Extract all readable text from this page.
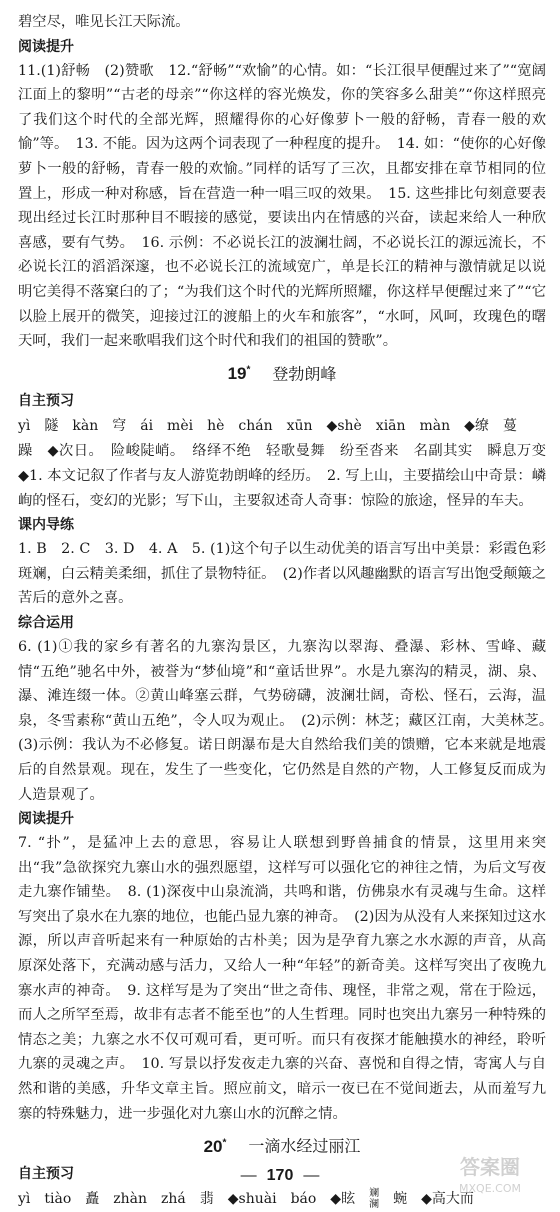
碧空尽，唯见长江天际流。

阅读提升

11.(1)舒畅　(2)赞歌　12.“舒畅”“欢愉”的心情。如：“长江很早便醒过来了”“宽阔江面上的黎明”“古老的母亲”“你这样的容光焕发，你的笑容多么甜美”“你这样照亮了我们这个时代的全部光辉，照耀得你的心好像萝卜一般的舒畅，青春一般的欢愉”等。　13. 不能。因为这两个词表现了一种程度的提升。　14. 如：“使你的心好像萝卜一般的舒畅，青春一般的欢愉。”同样的话写了三次，且都安排在章节相同的位置上，形成一种对称感，旨在营造一种一唱三叹的效果。　15. 这些排比句刻意要表现出经过长江时那种目不暇接的感觉，要读出内在情感的兴奋，读起来给人一种欣喜感，要有气势。　16. 示例：不必说长江的波澜壮阔，不必说长江的源远流长，不必说长江的滔滔深邃，也不必说长江的流域宽广，单是长江的精神与激情就足以说明它美得不落窠臼的了；“为我们这个时代的光辉所照耀，你这样早便醒过来了”“它以脸上展开的微笑，迎接过江的渡船上的火车和旅客”，“水呵，风呵，玫瑰色的曙天呵，我们一起来歌唱我们这个时代和我们的祖国的赞歌”。

19* 登勃朗峰

自主预习

yì　隧　kàn　穹　ái　mèi　hè　chán　xūn　◆shè　xiān　màn　◆缭　蔓

躁　◆次日。　险峻陡峭。　络绎不绝　轻歌曼舞　纷至沓来　名副其实　瞬息万变　◆1. 本文记叙了作者与友人游览勃朗峰的经历。　2. 写上山，主要描绘山中奇景：嶙峋的怪石，变幻的光影；写下山，主要叙述奇人奇事：惊险的旅途，怪异的车夫。

课内导练

1. B　2. C　3. D　4. A　5. (1)这个句子以生动优美的语言写出中美景：彩霞色彩斑斓，白云精美柔细，抓住了景物特征。　(2)作者以风趣幽默的语言写出饱受颠簸之苦后的意外之喜。

综合运用

6. (1)①我的家乡有著名的九寨沟景区，九寨沟以翠海、叠瀑、彩林、雪峰、藏情“五绝”驰名中外，被誉为“梦仙境”和“童话世界”。水是九寨沟的精灵，湖、泉、瀑、滩连缀一体。②黄山峰塞云群，气势磅礴，波澜壮阔，奇松、怪石，云海，温泉，冬雪素称“黄山五绝”，令人叹为观止。　(2)示例：林芝；藏区江南，大美林芝。　(3)示例：我认为不必修复。诺日朗瀑布是大自然给我们美的馈赠，它本来就是地震后的自然景观。现在，发生了一些变化，它仍然是自然的产物，人工修复反而成为人造景观了。

阅读提升

7. “扑”，是猛冲上去的意思，容易让人联想到野兽捕食的情景，这里用来突出“我”急欲探究九寨山水的强烈愿望，这样写可以强化它的神往之情，为后文写夜走九寨作铺垫。　8. (1)深夜中山泉流淌，共鸣和谐，仿佛泉水有灵魂与生命。这样写突出了泉水在九寨的地位，也能凸显九寨的神奇。　(2)因为从没有人来探知过这水源，所以声音听起来有一种原始的古朴美；因为是孕育九寨之水水源的声音，从高原深处落下，充满动感与活力，又给人一种“年轻”的新奇美。这样写突出了夜晚九寨水声的神奇。　9. 这样写是为了突出“世之奇伟、瑰怪，非常之观，常在于险远，而人之所罕至焉，故非有志者不能至也”的人生哲理。同时也突出九寨另一种特殊的情态之美；九寨之水不仅可观可看，更可听。而只有夜探才能触摸水的神经，聆听九寨的灵魂之声。　10. 写景以抒发夜走九寨的兴奋、喜悦和自得之情，寄寓人与自然和谐的美感，升华文章主旨。照应前文，暗示一夜已在不觉间逝去，从而羞写九寨的特殊魅力，进一步强化对九寨山水的沉醉之情。

20* 一滴水经过丽江

自主预习

yì　tiào　矗　zhàn　zhá　翡　◆shuài　báo　◆眩　 斓
澜　 蜿　◆高大而

— 170 —	答案圈
MXQE.COM
